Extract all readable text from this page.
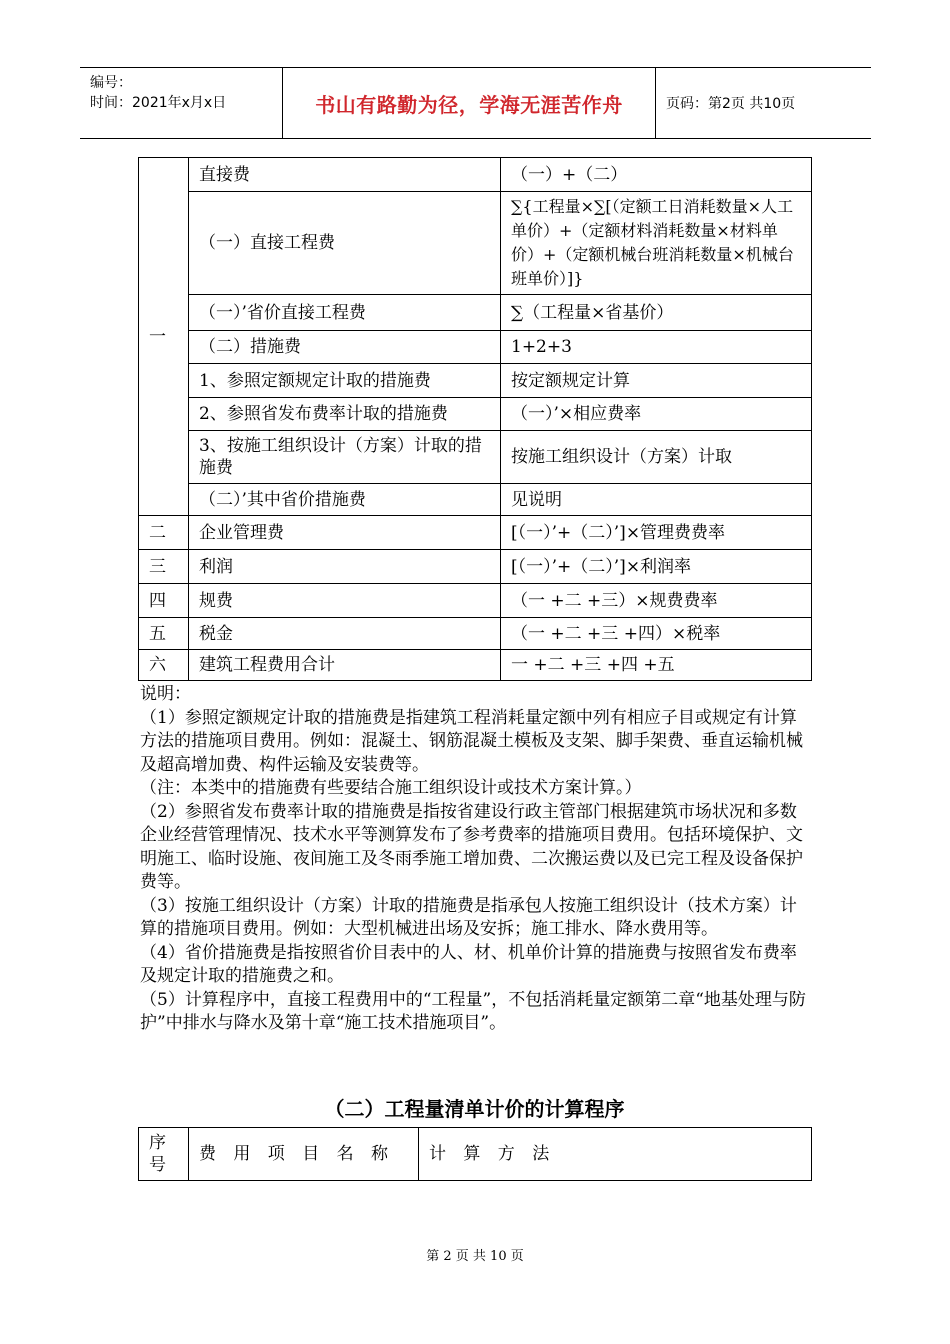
编号：
时间：2021年x月x日	书山有路勤为径，学海无涯苦作舟	页码：第2页 共10页
一	直接费	（一）+（二）
	（一）直接工程费	∑{工程量×∑[（定额工日消耗数量×人工单价）+（定额材料消耗数量×材料单价）+（定额机械台班消耗数量×机械台班单价）]}
	（一）’省价直接工程费	∑（工程量×省基价）
	（二）措施费	1+2+3
	1、参照定额规定计取的措施费	按定额规定计算
	2、参照省发布费率计取的措施费	（一）’×相应费率
	3、按施工组织设计（方案）计取的措施费	按施工组织设计（方案）计取
	（二）’其中省价措施费	见说明
二	企业管理费	[（一）’+（二）’]×管理费费率
三	利润	[（一）’+（二）’]×利润率
四	规费	（一 +二 +三）×规费费率
五	税金	（一 +二 +三 +四）×税率
六	建筑工程费用合计	一 +二 +三 +四 +五

说明：

（1）参照定额规定计取的措施费是指建筑工程消耗量定额中列有相应子目或规定有计算方法的措施项目费用。例如：混凝土、钢筋混凝土模板及支架、脚手架费、垂直运输机械及超高增加费、构件运输及安装费等。

（注：本类中的措施费有些要结合施工组织设计或技术方案计算。）

（2）参照省发布费率计取的措施费是指按省建设行政主管部门根据建筑市场状况和多数企业经营管理情况、技术水平等测算发布了参考费率的措施项目费用。包括环境保护、文明施工、临时设施、夜间施工及冬雨季施工增加费、二次搬运费以及已完工程及设备保护费等。

（3）按施工组织设计（方案）计取的措施费是指承包人按施工组织设计（技术方案）计算的措施项目费用。例如：大型机械进出场及安拆；施工排水、降水费用等。

（4）省价措施费是指按照省价目表中的人、材、机单价计算的措施费与按照省发布费率及规定计取的措施费之和。

（5）计算程序中，直接工程费用中的“工程量”，不包括消耗量定额第二章“地基处理与防护”中排水与降水及第十章“施工技术措施项目”。

（二）工程量清单计价的计算程序
序号	费 用 项 目 名 称	计 算 方 法
第 2 页 共 10 页
